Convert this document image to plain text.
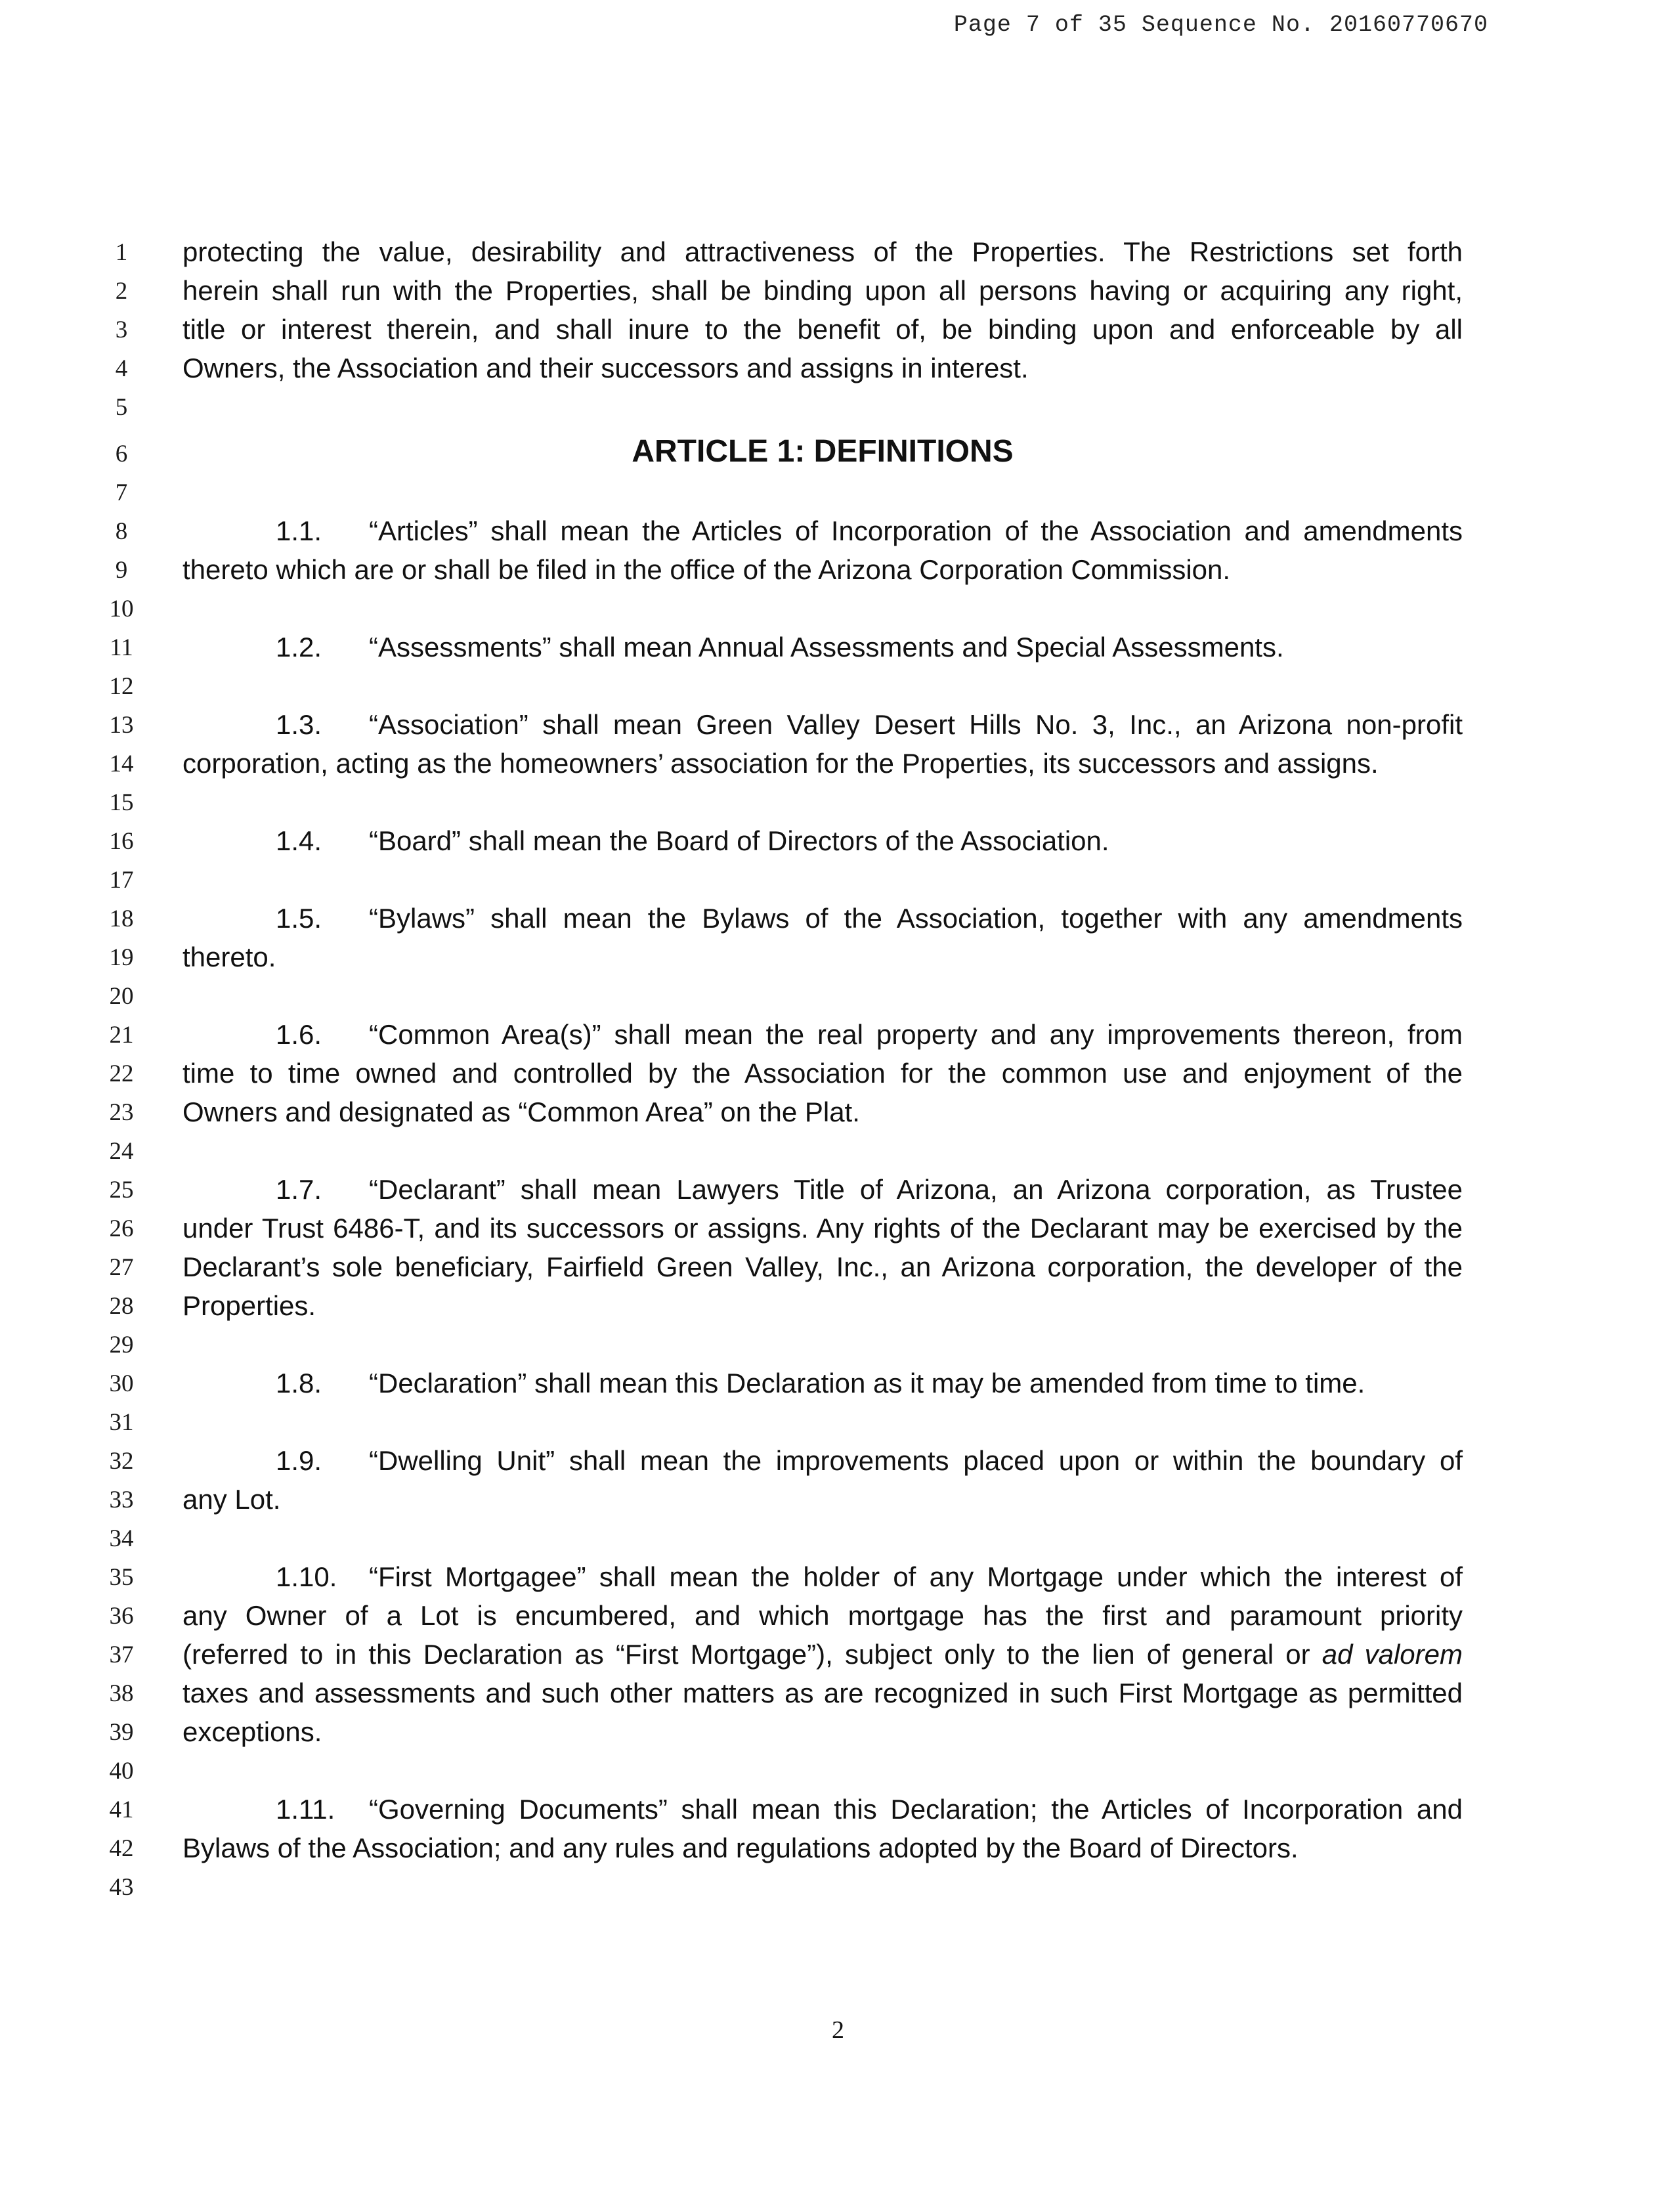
Page 7 of 35 Sequence No. 20160770670
1
2
3
4
5
6
7
8
9
10
11
12
13
14
15
16
17
18
19
20
21
22
23
24
25
26
27
28
29
30
31
32
33
34
35
36
37
38
39
40
41
42
43
protecting the value, desirability and attractiveness of the Properties. The Restrictions set forth
herein shall run with the Properties, shall be binding upon all persons having or acquiring any right,
title or interest therein, and shall inure to the benefit of, be binding upon and enforceable by all
Owners, the Association and their successors and assigns in interest.
ARTICLE 1: DEFINITIONS
1.1. “Articles” shall mean the Articles of Incorporation of the Association and amendments
thereto which are or shall be filed in the office of the Arizona Corporation Commission.
1.2. “Assessments” shall mean Annual Assessments and Special Assessments.
1.3. “Association” shall mean Green Valley Desert Hills No. 3, Inc., an Arizona non-profit
corporation, acting as the homeowners’ association for the Properties, its successors and assigns.
1.4. “Board” shall mean the Board of Directors of the Association.
1.5. “Bylaws” shall mean the Bylaws of the Association, together with any amendments
thereto.
1.6. “Common Area(s)” shall mean the real property and any improvements thereon, from
time to time owned and controlled by the Association for the common use and enjoyment of the
Owners and designated as “Common Area” on the Plat.
1.7. “Declarant” shall mean Lawyers Title of Arizona, an Arizona corporation, as Trustee
under Trust 6486-T, and its successors or assigns. Any rights of the Declarant may be exercised by the
Declarant’s sole beneficiary, Fairfield Green Valley, Inc., an Arizona corporation, the developer of the
Properties.
1.8. “Declaration” shall mean this Declaration as it may be amended from time to time.
1.9. “Dwelling Unit” shall mean the improvements placed upon or within the boundary of
any Lot.
1.10. “First Mortgagee” shall mean the holder of any Mortgage under which the interest of
any Owner of a Lot is encumbered, and which mortgage has the first and paramount priority
(referred to in this Declaration as “First Mortgage”), subject only to the lien of general or ad valorem
taxes and assessments and such other matters as are recognized in such First Mortgage as permitted
exceptions.
1.11. “Governing Documents” shall mean this Declaration; the Articles of Incorporation and
Bylaws of the Association; and any rules and regulations adopted by the Board of Directors.
2
